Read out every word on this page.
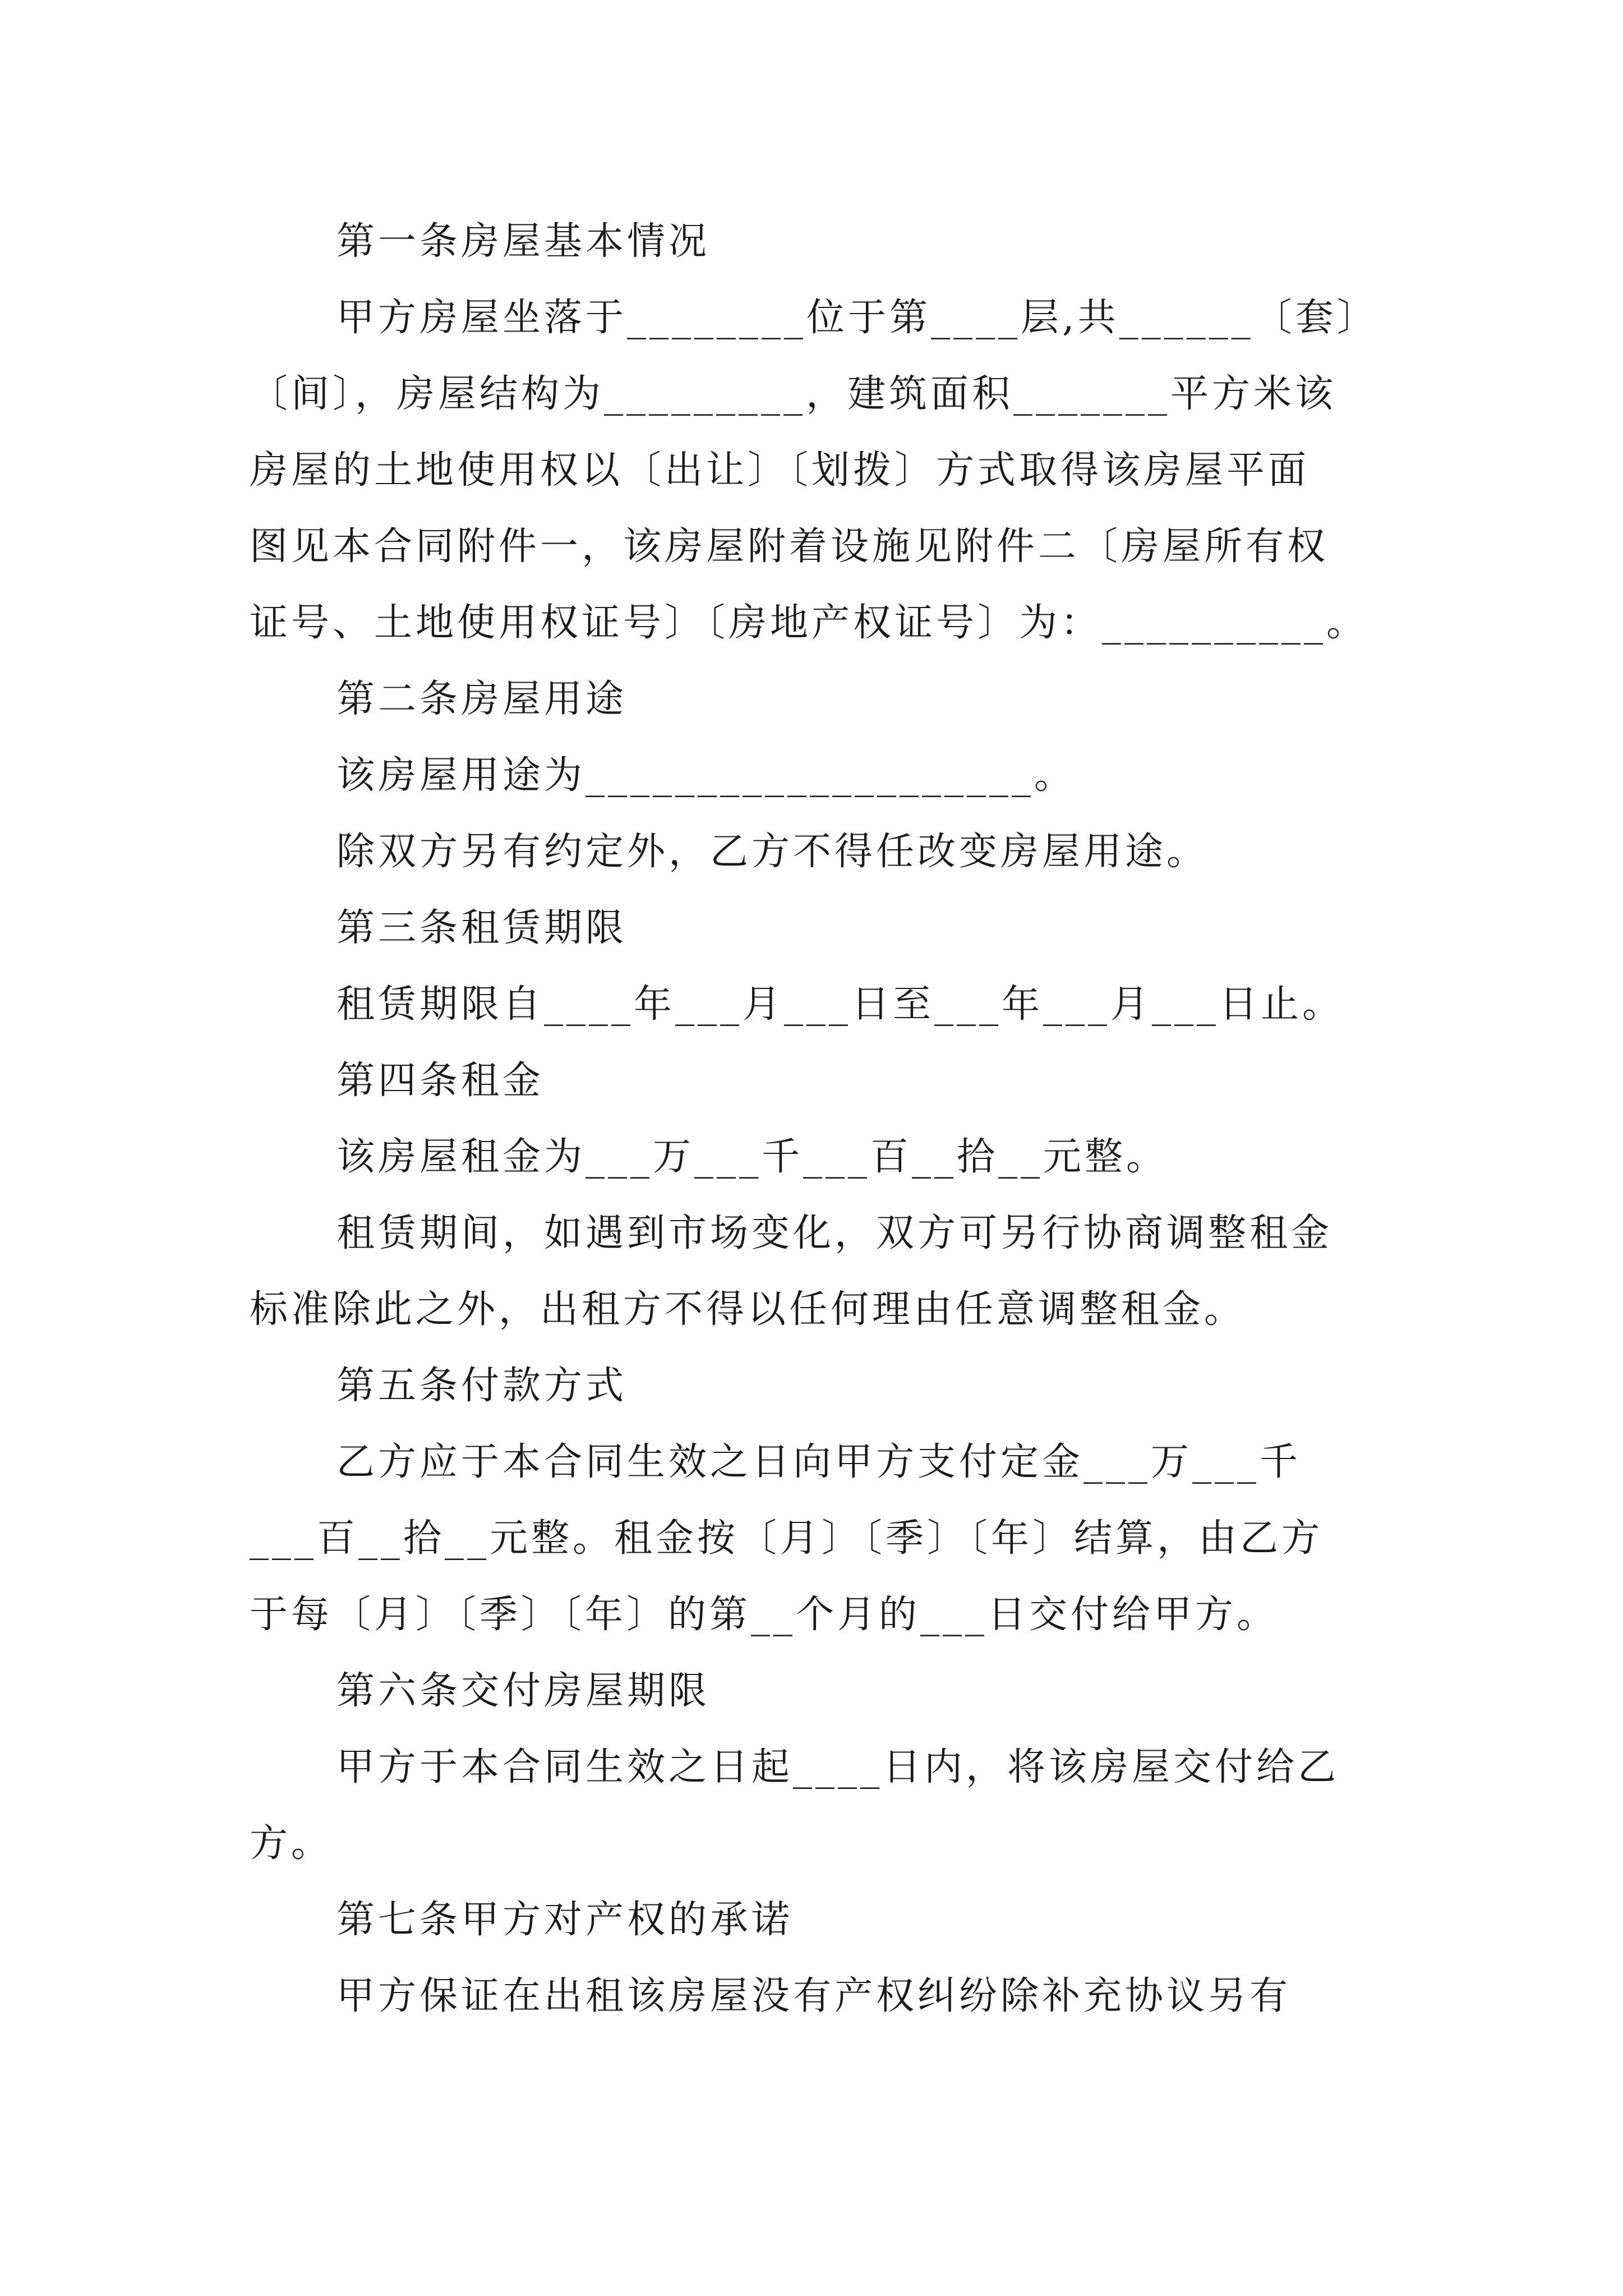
第一条房屋基本情况
甲方房屋坐落于________位于第____层,共______〔套〕
〔间〕，房屋结构为_________，建筑面积_______平方米该
房屋的土地使用权以〔出让〕〔划拨〕方式取得该房屋平面
图见本合同附件一，该房屋附着设施见附件二〔房屋所有权
证号、土地使用权证号〕〔房地产权证号〕为：__________。
第二条房屋用途
该房屋用途为____________________。
除双方另有约定外，乙方不得任改变房屋用途。
第三条租赁期限
租赁期限自____年___月___日至___年___月___日止。
第四条租金
该房屋租金为___万___千___百__拾__元整。
租赁期间，如遇到市场变化，双方可另行协商调整租金
标准除此之外，出租方不得以任何理由任意调整租金。
第五条付款方式
乙方应于本合同生效之日向甲方支付定金___万___千
___百__拾__元整。租金按〔月〕〔季〕〔年〕结算，由乙方
于每〔月〕〔季〕〔年〕的第__个月的___日交付给甲方。
第六条交付房屋期限
甲方于本合同生效之日起____日内，将该房屋交付给乙
方。
第七条甲方对产权的承诺
甲方保证在出租该房屋没有产权纠纷除补充协议另有
